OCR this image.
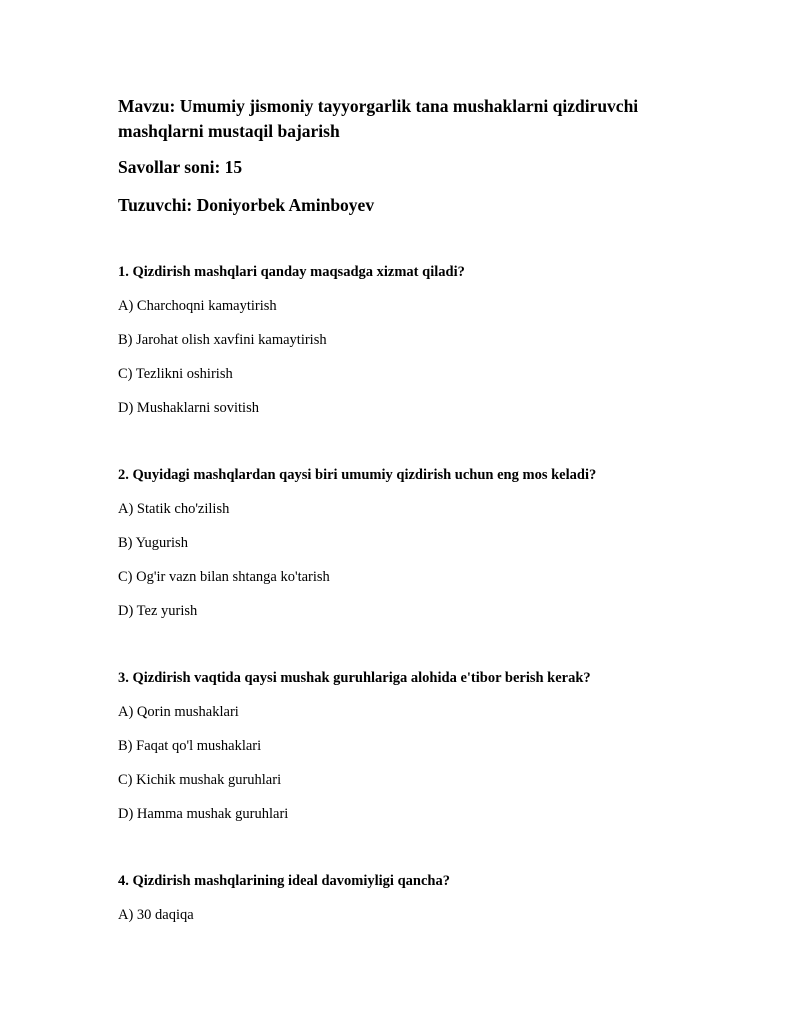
Mavzu: Umumiy jismoniy tayyorgarlik tana mushaklarni qizdiruvchi mashqlarni mustaqil bajarish

Savollar soni: 15

Tuzuvchi: Doniyorbek Aminboyev

1. Qizdirish mashqlari qanday maqsadga xizmat qiladi?

A) Charchoqni kamaytirish
B) Jarohat olish xavfini kamaytirish
C) Tezlikni oshirish
D) Mushaklarni sovitish

2. Quyidagi mashqlardan qaysi biri umumiy qizdirish uchun eng mos keladi?

A) Statik cho'zilish
B) Yugurish
C) Og'ir vazn bilan shtanga ko'tarish
D) Tez yurish

3. Qizdirish vaqtida qaysi mushak guruhlariga alohida e'tibor berish kerak?

A) Qorin mushaklari
B) Faqat qo'l mushaklari
C) Kichik mushak guruhlari
D) Hamma mushak guruhlari

4. Qizdirish mashqlarining ideal davomiyligi qancha?

A) 30 daqiqa
